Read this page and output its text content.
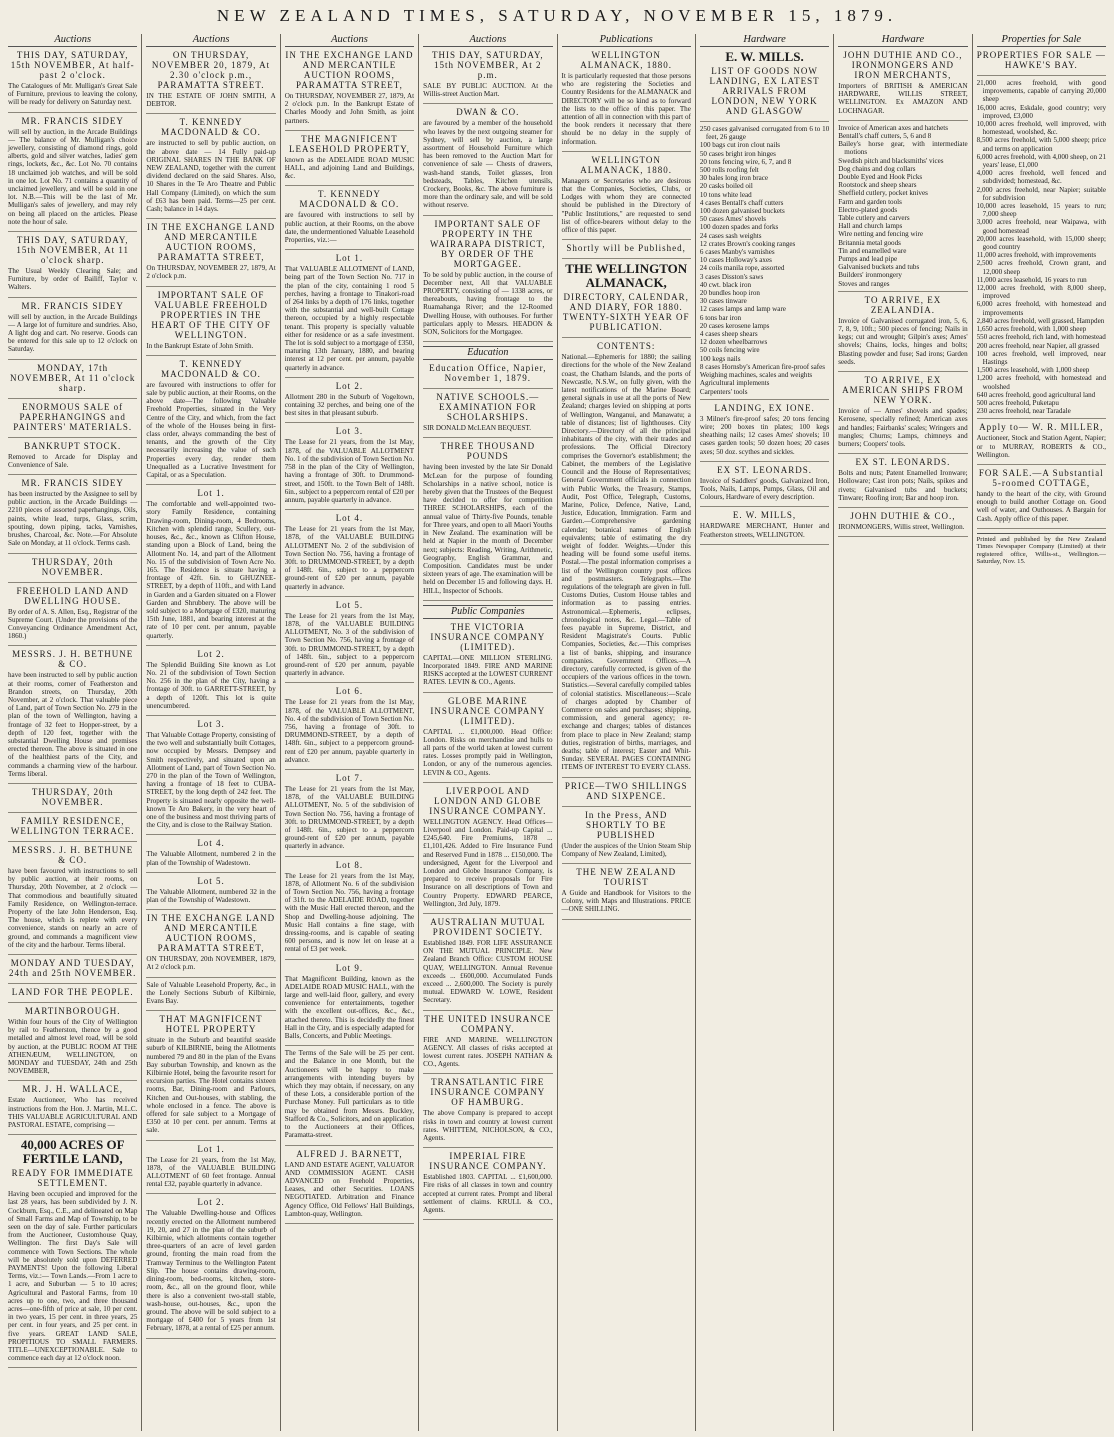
NEW ZEALAND TIMES, SATURDAY, NOVEMBER 15, 1879.
Auctions
THIS DAY, SATURDAY, 15th NOVEMBER, At half-past 2 o'clock.

The Catalogues of Mr. Mulligan's Great Sale of Furniture, previous to leaving the colony, will be ready for delivery on Saturday next.

MR. FRANCIS SIDEY

will sell by auction, in the Arcade Buildings — The balance of Mr. Mulligan's choice jewellery, consisting of diamond rings, gold alberts, gold and silver watches, ladies' gem rings, lockets, &c., &c. Lot No. 70 contains 18 unclaimed job watches, and will be sold in one lot. Lot No. 71 contains a quantity of unclaimed jewellery, and will be sold in one lot. N.B.—This will be the last of Mr. Mulligan's sales of jewellery, and may rely on being all placed on the articles. Please note the hour of sale.

THIS DAY, SATURDAY, 15th NOVEMBER, At 11 o'clock sharp.

The Usual Weekly Clearing Sale; and Furniture, by order of Bailiff, Taylor v. Walters.

MR. FRANCIS SIDEY

will sell by auction, in the Arcade Buildings — A large lot of furniture and sundries. Also, A light dog and cart. No reserve. Goods can be entered for this sale up to 12 o'clock on Saturday.

MONDAY, 17th NOVEMBER, At 11 o'clock sharp.
ENORMOUS SALE of PAPERHANGINGS and PAINTERS' MATERIALS.
BANKRUPT STOCK.

Removed to Arcade for Display and Convenience of Sale.

MR. FRANCIS SIDEY

has been instructed by the Assignee to sell by public auction, in the Arcade Buildings — 2210 pieces of assorted paperhangings, Oils, paints, white lead, turps, Glass, scrim, spouting, down piping, tacks, Varnishes, brushes, Charcoal, &c. Note.—For Absolute Sale on Monday, at 11 o'clock. Terms cash.

THURSDAY, 20th NOVEMBER.
FREEHOLD LAND AND DWELLING HOUSE.

By order of A. S. Allen, Esq., Registrar of the Supreme Court. (Under the provisions of the Conveyancing Ordinance Amendment Act, 1860.)

MESSRS. J. H. BETHUNE & CO.

have been instructed to sell by public auction at their rooms, corner of Featherston and Brandon streets, on Thursday, 20th November, at 2 o'clock. That valuable piece of Land, part of Town Section No. 279 in the plan of the town of Wellington, having a frontage of 32 feet to Hopper-street, by a depth of 120 feet, together with the substantial Dwelling House and premises erected thereon. The above is situated in one of the healthiest parts of the City, and commands a charming view of the harbour. Terms liberal.

THURSDAY, 20th NOVEMBER.
FAMILY RESIDENCE, WELLINGTON TERRACE.
MESSRS. J. H. BETHUNE & CO.

have been favoured with instructions to sell by public auction, at their rooms, on Thursday, 20th November, at 2 o'clock — That commodious and beautifully situated Family Residence, on Wellington-terrace. Property of the late John Henderson, Esq. The house, which is replete with every convenience, stands on nearly an acre of ground, and commands a magnificent view of the city and the harbour. Terms liberal.

MONDAY AND TUESDAY, 24th and 25th NOVEMBER.
LAND FOR THE PEOPLE.
MARTINBOROUGH.

Within four hours of the City of Wellington by rail to Featherston, thence by a good metalled and almost level road, will be sold by auction, at the PUBLIC ROOM AT THE ATHENÆUM, WELLINGTON, on MONDAY and TUESDAY, 24th and 25th NOVEMBER,

MR. J. H. WALLACE,

Estate Auctioneer, Who has received instructions from the Hon. J. Martin, M.L.C. THIS VALUABLE AGRICULTURAL AND PASTORAL ESTATE, comprising —

40,000 ACRES OF FERTILE LAND,
READY FOR IMMEDIATE SETTLEMENT.

Having been occupied and improved for the last 28 years, has been subdivided by J. N. Cockburn, Esq., C.E., and delineated on Map of Small Farms and Map of Township, to be seen on the day of sale. Further particulars from the Auctioneer, Customhouse Quay, Wellington. The first Day's Sale will commence with Town Sections. The whole will be absolutely sold upon DEFERRED PAYMENTS! Upon the following Liberal Terms, viz.:— Town Lands.—From 1 acre to 1 acre, and Suburban — 5 to 10 acres; Agricultural and Pastoral Farms, from 10 acres up to one, two, and three thousand acres—one-fifth of price at sale, 10 per cent. in two years, 15 per cent. in three years, 25 per cent. in four years, and 25 per cent. in five years. GREAT LAND SALE, PROPITIOUS TO SMALL FARMERS. TITLE—UNEXCEPTIONABLE. Sale to commence each day at 12 o'clock noon.

Auctions
ON THURSDAY, NOVEMBER 20, 1879, At 2.30 o'clock p.m., PARAMATTA STREET.

IN THE ESTATE OF JOHN SMITH, A DEBTOR.

T. KENNEDY MACDONALD & CO.

are instructed to sell by public auction, on the above date — 14 Fully paid-up ORIGINAL SHARES IN THE BANK OF NEW ZEALAND, together with the current dividend declared on the said Shares. Also, 10 Shares in the Te Aro Theatre and Public Hall Company (Limited), on which the sum of £63 has been paid. Terms—25 per cent. Cash; balance in 14 days.

IN THE EXCHANGE LAND AND MERCANTILE AUCTION ROOMS, PARAMATTA STREET,

On THURSDAY, NOVEMBER 27, 1879, At 2 o'clock p.m.

IMPORTANT SALE OF VALUABLE FREEHOLD PROPERTIES IN THE HEART OF THE CITY OF WELLINGTON.

In the Bankrupt Estate of John Smith.

T. KENNEDY MACDONALD & CO.

are favoured with instructions to offer for sale by public auction, at their Rooms, on the above date—The following Valuable Freehold Properties, situated in the Very Centre of the City, and which, from the fact of the whole of the Houses being in first-class order, always commanding the best of tenants, and the growth of the City necessarily increasing the value of such Properties every day, render them Unequalled as a Lucrative Investment for Capital, or as a Speculation.

Lot 1.

The comfortable and well-appointed two-story Family Residence, containing Drawing-room, Dining-room, 4 Bedrooms, Kitchen with splendid range, Scullery, out-houses, &c., &c., known as Clifton House, standing upon a Block of Land, being the Allotment No. 14, and part of the Allotment No. 15 of the subdivision of Town Acre No. 165. The Residence is situate having a frontage of 42ft. 6in. to GHUZNEE-STREET, by a depth of 110ft., and with Land in Garden and a Garden situated on a Flower Garden and Shrubbery. The above will be sold subject to a Mortgage of £320, maturing 15th June, 1881, and bearing interest at the rate of 10 per cent. per annum, payable quarterly.

Lot 2.

The Splendid Building Site known as Lot No. 21 of the subdivision of Town Section No. 256 in the plan of the City, having a frontage of 30ft. to GARRETT-STREET, by a depth of 120ft. This lot is quite unencumbered.

Lot 3.

That Valuable Cottage Property, consisting of the two well and substantially built Cottages, now occupied by Messrs. Dempsey and Smith respectively, and situated upon an Allotment of Land, part of Town Section No. 270 in the plan of the Town of Wellington, having a frontage of 18 feet to CUBA-STREET, by the long depth of 242 feet. The Property is situated nearly opposite the well-known Te Aro Bakery, in the very heart of one of the business and most thriving parts of the City, and is close to the Railway Station.

Lot 4.

The Valuable Allotment, numbered 2 in the plan of the Township of Wadestown.

Lot 5.

The Valuable Allotment, numbered 32 in the plan of the Township of Wadestown.

IN THE EXCHANGE LAND AND MERCANTILE AUCTION ROOMS, PARAMATTA STREET,

ON THURSDAY, 20th NOVEMBER, 1879, At 2 o'clock p.m.

Sale of Valuable Leasehold Property, &c., in the Lonely Sections Suburb of Kilbirnie, Evans Bay.

THAT MAGNIFICENT HOTEL PROPERTY

situate in the Suburb and beautiful seaside suburb of KILBIRNIE, being the Allotments numbered 79 and 80 in the plan of the Evans Bay suburban Township, and known as the Kilbirnie Hotel, being the favourite resort for excursion parties. The Hotel contains sixteen rooms, Bar, Dining-room and Parlours, Kitchen and Out-houses, with stabling, the whole enclosed in a fence. The above is offered for sale subject to a Mortgage of £350 at 10 per cent. per annum. Terms at sale.

Lot 1.

The Lease for 21 years, from the 1st May, 1878, of the VALUABLE BUILDING ALLOTMENT of 60 feet frontage. Annual rental £32, payable quarterly in advance.

Lot 2.

The Valuable Dwelling-house and Offices recently erected on the Allotment numbered 19, 20, and 27 in the plan of the suburb of Kilbirnie, which allotments contain together three-quarters of an acre of level garden ground, fronting the main road from the Tramway Terminus to the Wellington Patent Slip. The house contains drawing-room, dining-room, bed-rooms, kitchen, store-room, &c., all on the ground floor, while there is also a convenient two-stall stable, wash-house, out-houses, &c., upon the ground. The above will be sold subject to a mortgage of £400 for 5 years from 1st February, 1878, at a rental of £25 per annum.

Auctions
IN THE EXCHANGE LAND AND MERCANTILE AUCTION ROOMS, PARAMATTA STREET,

On THURSDAY, NOVEMBER 27, 1879, At 2 o'clock p.m. In the Bankrupt Estate of Charles Moody and John Smith, as joint partners.

THE MAGNIFICENT LEASEHOLD PROPERTY,

known as the ADELAIDE ROAD MUSIC HALL, and adjoining Land and Buildings, &c.

T. KENNEDY MACDONALD & CO.

are favoured with instructions to sell by public auction, at their Rooms, on the above date, the undermentioned Valuable Leasehold Properties, viz.:—

Lot 1.

That VALUABLE ALLOTMENT of LAND, being part of the Town Section No. 717 in the plan of the city, containing 1 rood 5 perches, having a frontage to Tinakori-road of 264 links by a depth of 176 links, together with the substantial and well-built Cottage thereon, occupied by a highly respectable tenant. This property is specially valuable either for residence or as a safe investment. The lot is sold subject to a mortgage of £350, maturing 13th January, 1880, and bearing interest at 12 per cent. per annum, payable quarterly in advance.

Lot 2.

Allotment 280 in the Suburb of Vogeltown, containing 32 perches, and being one of the best sites in that pleasant suburb.

Lot 3.

The Lease for 21 years, from the 1st May, 1878, of the VALUABLE ALLOTMENT No. 1 of the subdivision of Town Section No. 758 in the plan of the City of Wellington, having a frontage of 30ft. to Drummond-street, and 150ft. to the Town Belt of 148ft. 6in., subject to a peppercorn rental of £20 per annum, payable quarterly in advance.

Lot 4.

The Lease for 21 years from the 1st May, 1878, of the VALUABLE BUILDING ALLOTMENT No. 2 of the subdivision of Town Section No. 756, having a frontage of 30ft. to DRUMMOND-STREET, by a depth of 148ft. 6in., subject to a peppercorn ground-rent of £20 per annum, payable quarterly in advance.

Lot 5.

The Lease for 21 years from the 1st May, 1878, of the VALUABLE BUILDING ALLOTMENT, No. 3 of the subdivision of Town Section No. 756, having a frontage of 30ft. to DRUMMOND-STREET, by a depth of 148ft. 6in., subject to a peppercorn ground-rent of £20 per annum, payable quarterly in advance.

Lot 6.

The Lease for 21 years from the 1st May, 1878, of the VALUABLE ALLOTMENT, No. 4 of the subdivision of Town Section No. 756, having a frontage of 30ft. to DRUMMOND-STREET, by a depth of 148ft. 6in., subject to a peppercorn ground-rent of £20 per annum, payable quarterly in advance.

Lot 7.

The Lease for 21 years from the 1st May, 1878, of the VALUABLE BUILDING ALLOTMENT, No. 5 of the subdivision of Town Section No. 756, having a frontage of 30ft. to DRUMMOND-STREET, by a depth of 148ft. 6in., subject to a peppercorn ground-rent of £20 per annum, payable quarterly in advance.

Lot 8.

The Lease for 21 years from the 1st May, 1878, of Allotment No. 6 of the subdivision of Town Section No. 756, having a frontage of 31ft. to the ADELAIDE ROAD, together with the Music Hall erected thereon, and the Shop and Dwelling-house adjoining. The Music Hall contains a fine stage, with dressing-rooms, and is capable of seating 600 persons, and is now let on lease at a rental of £3 per week.

Lot 9.

That Magnificent Building, known as the ADELAIDE ROAD MUSIC HALL, with the large and well-laid floor, gallery, and every convenience for entertainments, together with the excellent out-offices, &c., &c., attached thereto. This is decidedly the finest Hall in the City, and is especially adapted for Balls, Concerts, and Public Meetings.

The Terms of the Sale will be 25 per cent. and the Balance in one Month, but the Auctioneers will be happy to make arrangements with intending buyers by which they may obtain, if necessary, on any of these Lots, a considerable portion of the Purchase Money. Full particulars as to title may be obtained from Messrs. Buckley, Stafford & Co., Solicitors, and on application to the Auctioneers at their Offices, Paramatta-street.

ALFRED J. BARNETT,

LAND AND ESTATE AGENT, VALUATOR AND COMMISSION AGENT. CASH ADVANCED on Freehold Properties, Leases, and other Securities. LOANS NEGOTIATED. Arbitration and Finance Agency Office, Old Fellows' Hall Buildings, Lambton-quay, Wellington.

Auctions
THIS DAY, SATURDAY, 15th NOVEMBER, At 2 p.m.

SALE BY PUBLIC AUCTION. At the Willis-street Auction Mart.

DWAN & CO.

are favoured by a member of the household who leaves by the next outgoing steamer for Sydney, will sell by auction, a large assortment of Household Furniture which has been removed to the Auction Mart for convenience of sale — Chests of drawers, wash-hand stands, Toilet glasses, Iron bedsteads, Tables, Kitchen utensils, Crockery, Books, &c. The above furniture is more than the ordinary sale, and will be sold without reserve.

IMPORTANT SALE OF PROPERTY IN THE WAIRARAPA DISTRICT, BY ORDER OF THE MORTGAGEE.

To be sold by public auction, in the course of December next, All that VALUABLE PROPERTY, consisting of — 1338 acres, or thereabouts, having frontage to the Ruamahanga River; and the 12-Roomed Dwelling House, with outhouses. For further particulars apply to Messrs. HEADON & SON, Solicitors for the Mortgagee.

Education
Education Office, Napier, November 1, 1879.
NATIVE SCHOOLS.—EXAMINATION FOR SCHOLARSHIPS.

SIR DONALD McLEAN BEQUEST.

THREE THOUSAND POUNDS

having been invested by the late Sir Donald McLean for the purpose of founding Scholarships in a native school, notice is hereby given that the Trustees of the Bequest have decided to offer for competition THREE SCHOLARSHIPS, each of the annual value of Thirty-five Pounds, tenable for Three years, and open to all Maori Youths in New Zealand. The examination will be held at Napier in the month of December next; subjects: Reading, Writing, Arithmetic, Geography, English Grammar, and Composition. Candidates must be under sixteen years of age. The examination will be held on December 15 and following days. H. HILL, Inspector of Schools.

Public Companies
THE VICTORIA INSURANCE COMPANY (LIMITED).

CAPITAL—ONE MILLION STERLING. Incorporated 1849. FIRE AND MARINE RISKS accepted at the LOWEST CURRENT RATES. LEVIN & CO., Agents.

GLOBE MARINE INSURANCE COMPANY (LIMITED).

CAPITAL ... £1,000,000. Head Office: London. Risks on merchandise and hulls to all parts of the world taken at lowest current rates. Losses promptly paid in Wellington, London, or any of the numerous agencies. LEVIN & CO., Agents.

LIVERPOOL AND LONDON AND GLOBE INSURANCE COMPANY.

WELLINGTON AGENCY. Head Offices—Liverpool and London. Paid-up Capital ... £245,640. Fire Premiums, 1878 ... £1,101,426. Added to Fire Insurance Fund and Reserved Fund in 1878 ... £150,000. The undersigned, Agent for the Liverpool and London and Globe Insurance Company, is prepared to receive proposals for Fire Insurance on all descriptions of Town and Country Property. EDWARD PEARCE, Wellington, 3rd July, 1879.

AUSTRALIAN MUTUAL PROVIDENT SOCIETY.

Established 1849. FOR LIFE ASSURANCE ON THE MUTUAL PRINCIPLE. New Zealand Branch Office: CUSTOM HOUSE QUAY, WELLINGTON. Annual Revenue exceeds ... £600,000. Accumulated Funds exceed ... 2,600,000. The Society is purely mutual. EDWARD W. LOWE, Resident Secretary.

THE UNITED INSURANCE COMPANY.

FIRE AND MARINE. WELLINGTON AGENCY. All classes of risks accepted at lowest current rates. JOSEPH NATHAN & CO., Agents.

TRANSATLANTIC FIRE INSURANCE COMPANY OF HAMBURG.

The above Company is prepared to accept risks in town and country at lowest current rates. WHITTEM, NICHOLSON, & CO., Agents.

IMPERIAL FIRE INSURANCE COMPANY.

Established 1803. CAPITAL ... £1,600,000. Fire risks of all classes in town and country accepted at current rates. Prompt and liberal settlement of claims. KRULL & CO., Agents.

Publications
WELLINGTON ALMANACK, 1880.

It is particularly requested that those persons who are registering the Societies and Country Residents for the ALMANACK and DIRECTORY will be so kind as to forward the lists to the office of this paper. The attention of all in connection with this part of the book renders it necessary that there should be no delay in the supply of information.

WELLINGTON ALMANACK, 1880.

Managers or Secretaries who are desirous that the Companies, Societies, Clubs, or Lodges with whom they are connected should be published in the Directory of "Public Institutions," are requested to send list of office-bearers without delay to the office of this paper.

Shortly will be Published,
THE WELLINGTON ALMANACK,
DIRECTORY, CALENDAR, AND DIARY, FOR 1880. TWENTY-SIXTH YEAR OF PUBLICATION.
CONTENTS:

National.—Ephemeris for 1880; the sailing directions for the whole of the New Zealand coast, the Chatham Islands, and the ports of Newcastle, N.S.W., on fully given, with the latest notifications of the Marine Board; general signals in use at all the ports of New Zealand; charges levied on shipping at ports of Wellington, Wanganui, and Manawatu; a table of distances; list of lighthouses. City Directory.—Directory of all the principal inhabitants of the city, with their trades and professions. The Official Directory comprises the Governor's establishment; the Cabinet, the members of the Legislative Council and the House of Representatives; General Government officials in connection with Public Works, the Treasury, Stamps, Audit, Post Office, Telegraph, Customs, Marine, Police, Defence, Native, Land, Justice, Education, Immigration. Farm and Garden.—Comprehensive gardening calendar; botanical names of English equivalents; table of estimating the dry weight of fodder. Weights.—Under this heading will be found some useful items. Postal.—The postal information comprises a list of the Wellington country post offices and postmasters. Telegraphs.—The regulations of the telegraph are given in full. Customs Duties, Custom House tables and information as to passing entries. Astronomical.—Ephemeris, eclipses, chronological notes, &c. Legal.—Table of fees payable in Supreme, District, and Resident Magistrate's Courts. Public Companies, Societies, &c.—This comprises a list of banks, shipping, and insurance companies. Government Offices.—A directory, carefully corrected, is given of the occupiers of the various offices in the town. Statistics.—Several carefully compiled tables of colonial statistics. Miscellaneous:—Scale of charges adopted by Chamber of Commerce on sales and purchases; shipping, commission, and general agency; re-exchange and charges; tables of distances from place to place in New Zealand; stamp duties, registration of births, marriages, and deaths; table of interest; Easter and Whit-Sunday. SEVERAL PAGES CONTAINING ITEMS OF INTEREST TO EVERY CLASS.

PRICE—TWO SHILLINGS AND SIXPENCE.
In the Press, AND SHORTLY TO BE PUBLISHED

(Under the auspices of the Union Steam Ship Company of New Zealand, Limited),

THE NEW ZEALAND TOURIST

A Guide and Handbook for Visitors to the Colony, with Maps and Illustrations. PRICE—ONE SHILLING.

Hardware
E. W. MILLS.
LIST OF GOODS NOW LANDING, EX LATEST ARRIVALS FROM LONDON, NEW YORK AND GLASGOW

250 cases galvanised corrugated from 6 to 10 feet, 26 gauge

100 bags cut iron clout nails

50 cases bright iron hinges

20 tons fencing wire, 6, 7, and 8

500 rolls roofing felt

30 bales long iron brace

20 casks boiled oil

10 tons white lead

4 cases Bentall's chaff cutters

100 dozen galvanised buckets

50 cases Ames' shovels

100 dozen spades and forks

24 cases sash weights

12 crates Brown's cooking ranges

6 cases Manby's varnishes

10 cases Holloway's axes

24 coils manila rope, assorted

3 cases Disston's saws

40 cwt. black iron

20 bundles hoop iron

30 cases tinware

12 cases lamps and lamp ware

6 tons bar iron

20 cases kerosene lamps

4 cases sheep shears

12 dozen wheelbarrows

50 coils fencing wire

100 kegs nails

8 cases Hornsby's American fire-proof safes

Weighing machines, scales and weights

Agricultural implements

Carpenters' tools

LANDING, EX IONE.

3 Milner's fire-proof safes; 20 tons fencing wire; 200 boxes tin plates; 100 kegs sheathing nails; 12 cases Ames' shovels; 10 cases garden tools; 50 dozen hoes; 20 cases axes; 50 doz. scythes and sickles.

EX ST. LEONARDS.

Invoice of Saddlers' goods, Galvanized Iron, Tools, Nails, Lamps, Pumps, Glass, Oil and Colours, Hardware of every description.

E. W. MILLS,

HARDWARE MERCHANT, Hunter and Featherston streets, WELLINGTON.

Hardware
JOHN DUTHIE AND CO., IRONMONGERS AND IRON MERCHANTS,

Importers of BRITISH & AMERICAN HARDWARE, WILLIS STREET, WELLINGTON. Ex AMAZON AND LOCHNAGAR.

Invoice of American axes and hatchets

Bentall's chaff cutters, 5, 6 and 8

Bailey's horse gear, with intermediate motions

Swedish pitch and blacksmiths' vices

Dog chains and dog collars

Double Eyed and Hook Picks

Rootstock and sheep shears

Sheffield cutlery, pocket knives

Farm and garden tools

Electro-plated goods

Table cutlery and carvers

Hall and church lamps

Wire netting and fencing wire

Britannia metal goods

Tin and enamelled ware

Pumps and lead pipe

Galvanised buckets and tubs

Builders' ironmongery

Stoves and ranges

TO ARRIVE, EX ZEALANDIA.

Invoice of Galvanised corrugated iron, 5, 6, 7, 8, 9, 10ft.; 500 pieces of fencing; Nails in kegs; cut and wrought; Gilpin's axes; Ames' shovels; Chains, locks, hinges and bolts; Blasting powder and fuse; Sad irons; Garden seeds.

TO ARRIVE, EX AMERICAN SHIPS FROM NEW YORK.

Invoice of — Ames' shovels and spades; Kerosene, specially refined; American axes and handles; Fairbanks' scales; Wringers and mangles; Churns; Lamps, chimneys and burners; Coopers' tools.

EX ST. LEONARDS.

Bolts and nuts; Patent Enamelled Ironware; Holloware; Cast iron pots; Nails, spikes and rivets; Galvanised tubs and buckets; Tinware; Roofing iron; Bar and hoop iron.

JOHN DUTHIE & CO.,

IRONMONGERS, Willis street, Wellington.

Properties for Sale
PROPERTIES FOR SALE — HAWKE'S BAY.

21,000 acres freehold, with good improvements, capable of carrying 20,000 sheep

16,000 acres, Eskdale, good country; very improved, £3,000

10,000 acres freehold, well improved, with homestead, woolshed, &c.

8,500 acres freehold, with 5,000 sheep; price and terms on application

6,000 acres freehold, with 4,000 sheep, on 21 years' lease, £1,000

4,000 acres freehold, well fenced and subdivided; homestead, &c.

2,000 acres freehold, near Napier; suitable for subdivision

10,000 acres leasehold, 15 years to run; 7,000 sheep

3,000 acres freehold, near Waipawa, with good homestead

20,000 acres leasehold, with 15,000 sheep; good country

11,000 acres freehold, with improvements

2,500 acres freehold, Crown grant, and 12,000 sheep

11,000 acres leasehold, 16 years to run

12,000 acres freehold, with 8,000 sheep, improved

6,000 acres freehold, with homestead and improvements

2,840 acres freehold, well grassed, Hampden

1,650 acres freehold, with 1,000 sheep

550 acres freehold, rich land, with homestead

200 acres freehold, near Napier, all grassed

100 acres freehold, well improved, near Hastings

1,500 acres leasehold, with 1,000 sheep

1,200 acres freehold, with homestead and woolshed

640 acres freehold, good agricultural land

500 acres freehold, Puketapu

230 acres freehold, near Taradale

Apply to— W. R. MILLER,

Auctioneer, Stock and Station Agent, Napier; or to MURRAY, ROBERTS & CO., Wellington.

FOR SALE.—A Substantial 5-roomed COTTAGE,

handy to the heart of the city, with Ground enough to build another Cottage on. Good well of water, and Outhouses. A Bargain for Cash. Apply office of this paper.

Printed and published by the New Zealand Times Newspaper Company (Limited) at their registered office, Willis-st., Wellington.—Saturday, Nov. 15.
